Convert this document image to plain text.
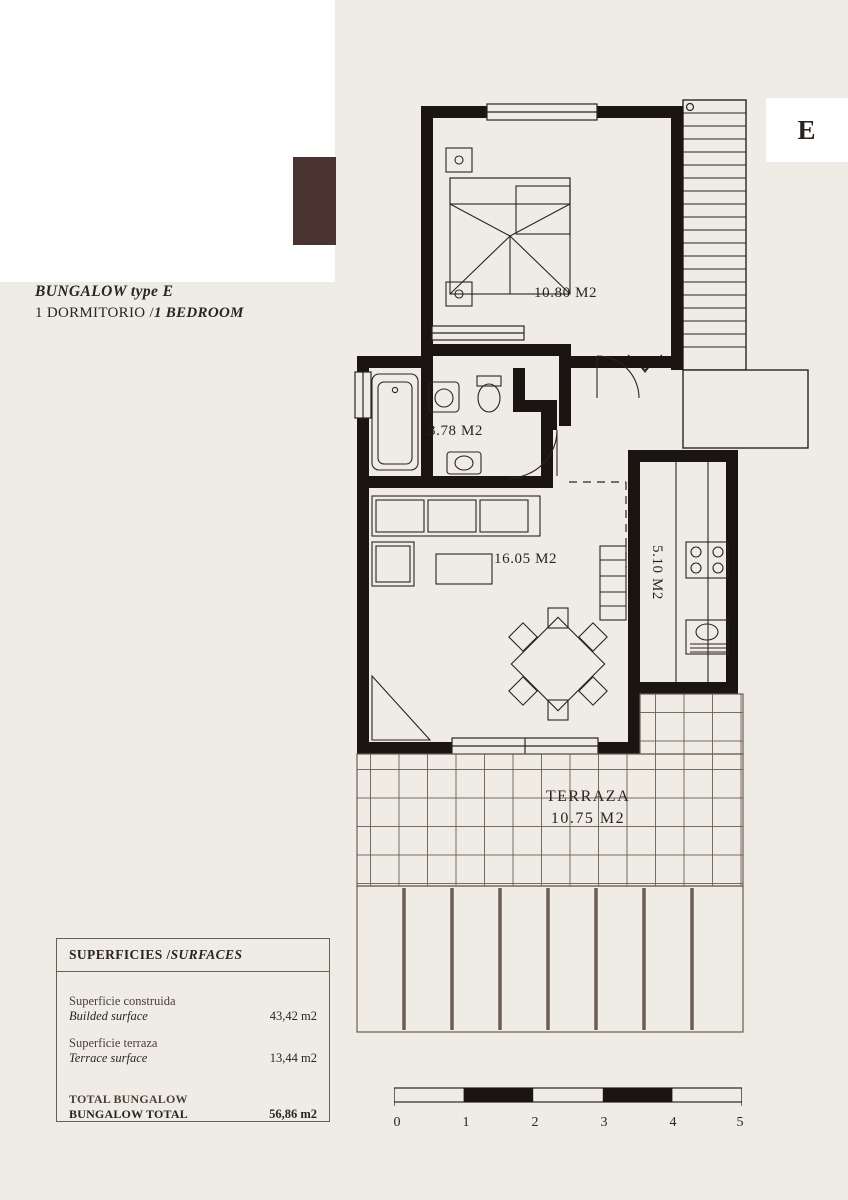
E
BUNGALOW type E
1 DORMITORIO /1 BEDROOM
10.80 M2
3.78 M2
16.05 M2	5.10 M2
TERRAZA
10.75 M2
SUPERFICIES / SURFACES
Superficie construida
Builded surface	43,42 m2
Superficie terraza
Terrace surface	13,44 m2
TOTAL BUNGALOW
BUNGALOW TOTAL	56,86 m2
0	1	2	3	4	5
